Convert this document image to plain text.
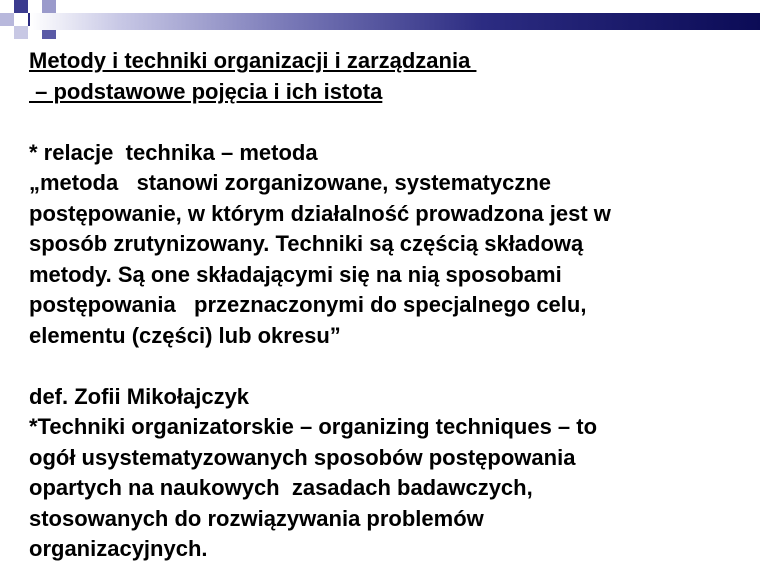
Metody i techniki organizacji i zarządzania
– podstawowe pojęcia i ich istota
* relacje  technika – metoda
„metoda   stanowi zorganizowane, systematyczne
postępowanie, w którym działalność prowadzona jest w
sposób zrutynizowany. Techniki są częścią składową
metody. Są one składającymi się na nią sposobami
postępowania   przeznaczonymi do specjalnego celu,
elementu (części) lub okresu”
def. Zofii Mikołajczyk
*Techniki organizatorskie – organizing techniques – to
ogół usystematyzowanych sposobów postępowania
opartych na naukowych  zasadach badawczych,
stosowanych do rozwiązywania problemów
organizacyjnych.
